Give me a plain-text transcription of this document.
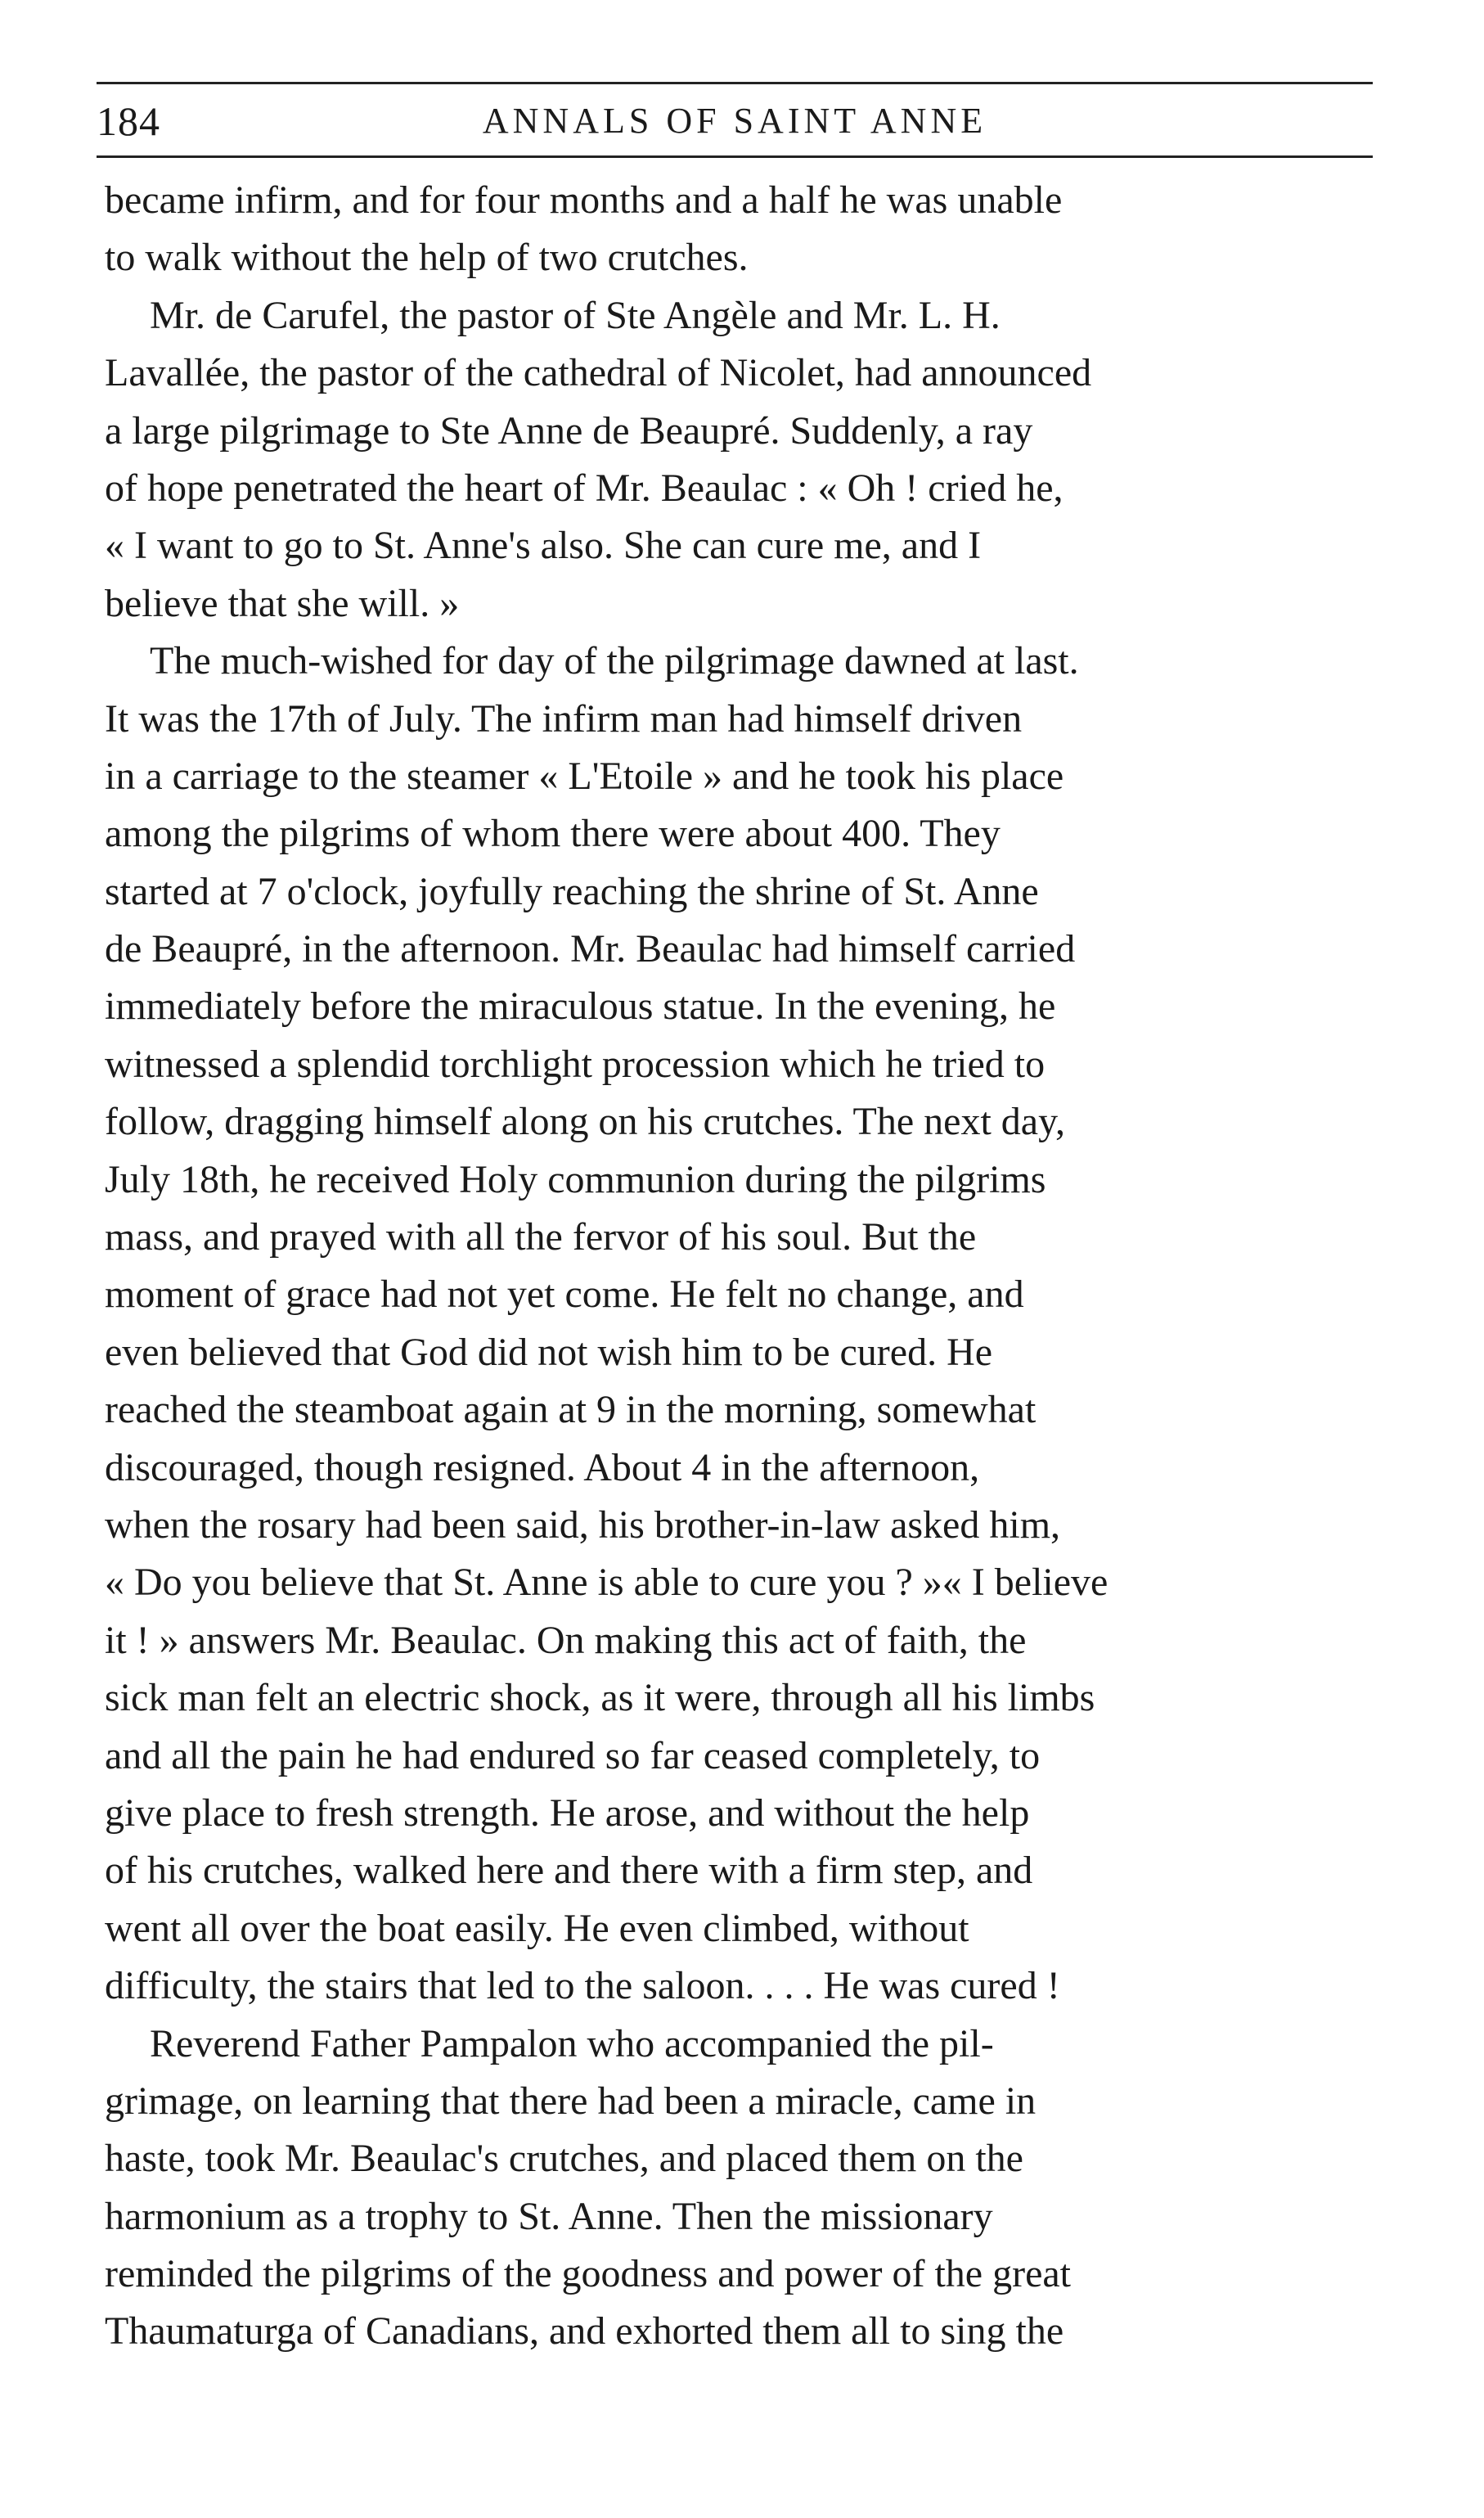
184	ANNALS OF SAINT ANNE
became infirm, and for four months and a half he was unable
to walk without the help of two crutches.
Mr. de Carufel, the pastor of Ste Angèle and Mr. L. H.
Lavallée, the pastor of the cathedral of Nicolet, had announced
a large pilgrimage to Ste Anne de Beaupré. Suddenly, a ray
of hope penetrated the heart of Mr. Beaulac : « Oh ! cried he,
« I want to go to St. Anne's also. She can cure me, and I
believe that she will. »
The much-wished for day of the pilgrimage dawned at last.
It was the 17th of July. The infirm man had himself driven
in a carriage to the steamer « L'Etoile » and he took his place
among the pilgrims of whom there were about 400. They
started at 7 o'clock, joyfully reaching the shrine of St. Anne
de Beaupré, in the afternoon. Mr. Beaulac had himself carried
immediately before the miraculous statue. In the evening, he
witnessed a splendid torchlight procession which he tried to
follow, dragging himself along on his crutches. The next day,
July 18th, he received Holy communion during the pilgrims
mass, and prayed with all the fervor of his soul. But the
moment of grace had not yet come. He felt no change, and
even believed that God did not wish him to be cured. He
reached the steamboat again at 9 in the morning, somewhat
discouraged, though resigned. About 4 in the afternoon,
when the rosary had been said, his brother-in-law asked him,
« Do you believe that St. Anne is able to cure you ? »« I believe
it ! » answers Mr. Beaulac. On making this act of faith, the
sick man felt an electric shock, as it were, through all his limbs
and all the pain he had endured so far ceased completely, to
give place to fresh strength. He arose, and without the help
of his crutches, walked here and there with a firm step, and
went all over the boat easily. He even climbed, without
difficulty, the stairs that led to the saloon. . . . He was cured !
Reverend Father Pampalon who accompanied the pil-
grimage, on learning that there had been a miracle, came in
haste, took Mr. Beaulac's crutches, and placed them on the
harmonium as a trophy to St. Anne. Then the missionary
reminded the pilgrims of the goodness and power of the great
Thaumaturga of Canadians, and exhorted them all to sing the
